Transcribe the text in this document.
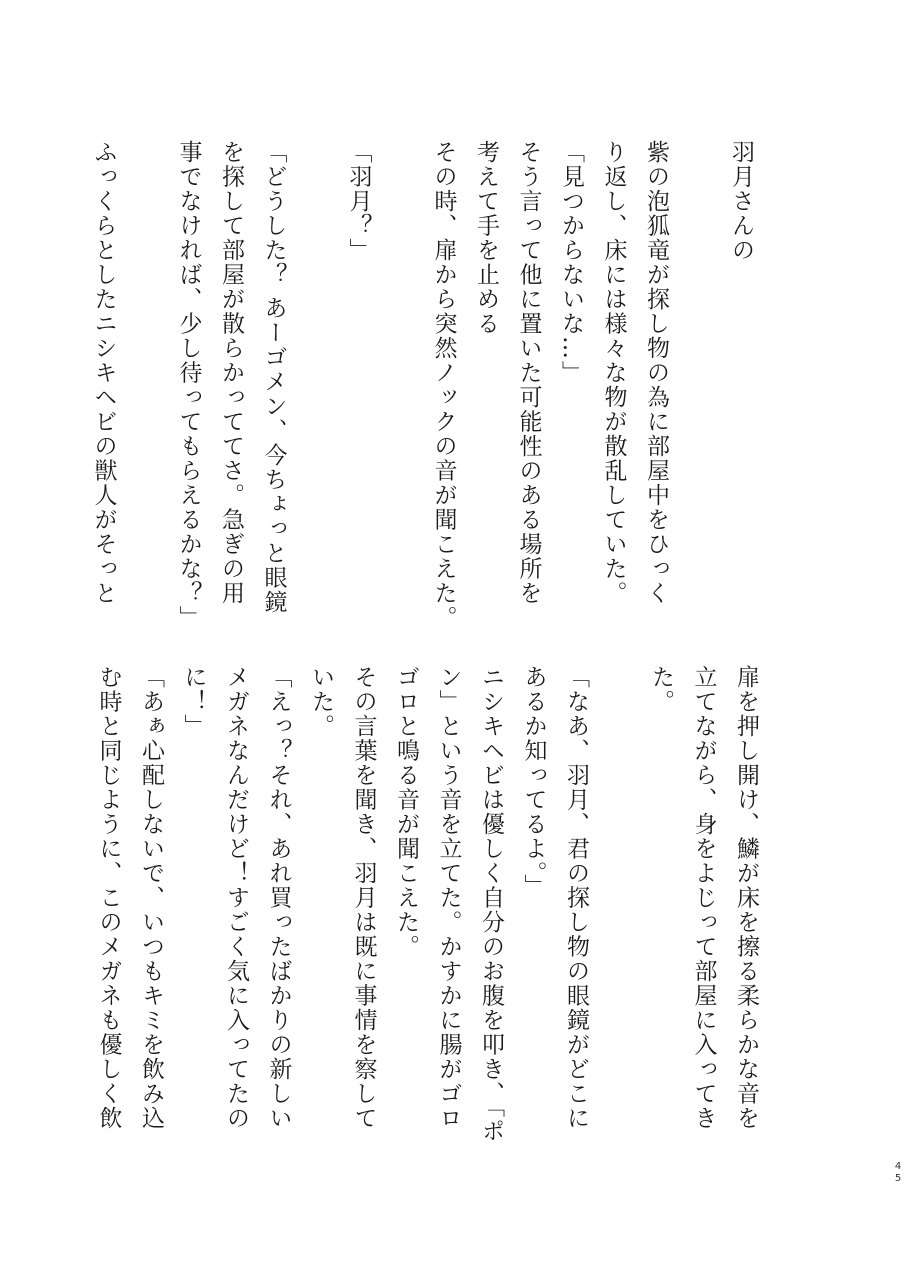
羽月さんの

紫の泡狐竜が探し物の為に部屋中をひっく

り返し、床には様々な物が散乱していた。

「見つからないな…」

そう言って他に置いた可能性のある場所を

考えて手を止める

その時、扉から突然ノックの音が聞こえた。

「羽月？」

「どうした？ あーゴメン、今ちょっと眼鏡

を探して部屋が散らかっててさ。急ぎの用

事でなければ、少し待ってもらえるかな？」

ふっくらとしたニシキヘビの獣人がそっと

扉を押し開け、鱗が床を擦る柔らかな音を

立てながら、身をよじって部屋に入ってき

た。

「なあ、羽月、君の探し物の眼鏡がどこに

あるか知ってるよ。」

ニシキヘビは優しく自分のお腹を叩き、「ポ

ン」という音を立てた。かすかに腸がゴロ

ゴロと鳴る音が聞こえた。

その言葉を聞き、羽月は既に事情を察して

いた。

「えっ？それ、あれ買ったばかりの新しい

メガネなんだけど！すごく気に入ってたの

に！」

「あぁ心配しないで、いつもキミを飲み込

む時と同じように、このメガネも優しく飲

45
